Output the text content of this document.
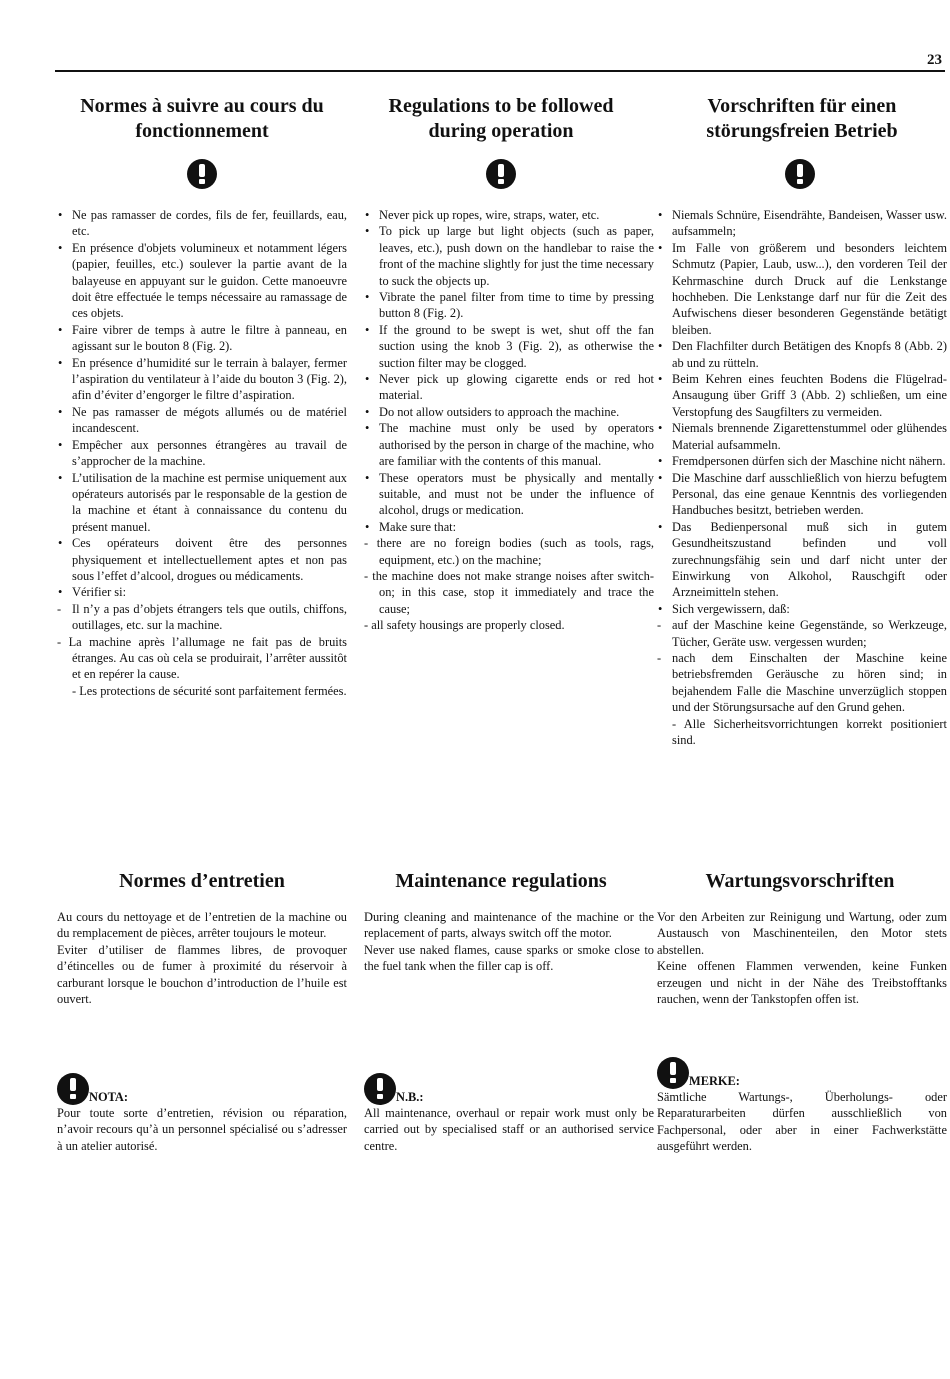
23
Normes à suivre au cours du
fonctionnement
Regulations to be followed
during operation
Vorschriften für einen
störungsfreien Betrieb
• Ne pas ramasser de cordes, fils de fer, feuillards, eau, etc.
• En présence d'objets volumineux et notamment légers (papier, feuilles, etc.) soulever la partie avant de la balayeuse en appuyant sur le guidon. Cette manoeuvre doit être effectuée le temps nécessaire au ramassage de ces objets.
• Faire vibrer de temps à autre le filtre à panneau, en agissant sur le bouton 8 (Fig. 2).
• En présence d’humidité sur le terrain à balayer, fermer l’aspiration du ventilateur à l’aide du bouton 3 (Fig. 2), afin d’éviter d’engorger le filtre d’aspiration.
• Ne pas ramasser de mégots allumés ou de matériel incandescent.
• Empêcher aux personnes étrangères au travail de s’approcher de la machine.
• L’utilisation de la machine est permise uniquement aux opérateurs autorisés par le responsable de la gestion de la machine et étant à connaissance du contenu du présent manuel.
• Ces opérateurs doivent être des personnes physiquement et intellectuellement aptes et non pas sous l’effet d’alcool, drogues ou médicaments.
• Vérifier si:
- Il n’y a pas d’objets étrangers tels que outils, chiffons, outillages, etc. sur la machine.
- La machine après l’allumage ne fait pas de bruits étranges. Au cas où cela se produirait, l’arrêter aussitôt et en repérer la cause.
- Les protections de sécurité sont parfaitement fermées.
• Never pick up ropes, wire, straps, water, etc.
• To pick up large but light objects (such as paper, leaves, etc.), push down on the handlebar to raise the front of the machine slightly for just the time necessary to suck the objects up.
• Vibrate the panel filter from time to time by pressing button 8 (Fig. 2).
• If the ground to be swept is wet, shut off the fan suction using the knob 3 (Fig. 2), as otherwise the suction filter may be clogged.
• Never pick up glowing cigarette ends or red hot material.
• Do not allow outsiders to approach the machine.
• The machine must only be used by operators authorised by the person in charge of the machine, who are familiar with the contents of this manual.
• These operators must be physically and mentally suitable, and must not be under the influence of alcohol, drugs or medication.
• Make sure that:
- there are no foreign bodies (such as tools, rags, equipment, etc.) on the machine;
- the machine does not make strange noises after switch-on; in this case, stop it immediately and trace the cause;
- all safety housings are properly closed.
• Niemals Schnüre, Eisendrähte, Bandeisen, Wasser usw. aufsammeln;
• Im Falle von größerem und besonders leichtem Schmutz (Papier, Laub, usw...), den vorderen Teil der Kehrmaschine durch Druck auf die Lenkstange hochheben. Die Lenkstange darf nur für die Zeit des Aufwischens dieser besonderen Gegenstände betätigt bleiben.
• Den Flachfilter durch Betätigen des Knopfs 8 (Abb. 2) ab und zu rütteln.
• Beim Kehren eines feuchten Bodens die Flügelrad-Ansaugung über Griff 3 (Abb. 2) schließen, um eine Verstopfung des Saugfilters zu vermeiden.
• Niemals brennende Zigarettenstummel oder glühendes Material aufsammeln.
• Fremdpersonen dürfen sich der Maschine nicht nähern.
• Die Maschine darf ausschließlich von hierzu befugtem Personal, das eine genaue Kenntnis des vorliegenden Handbuches besitzt, betrieben werden.
• Das Bedienpersonal muß sich in gutem Gesundheitszustand befinden und voll zurechnungsfähig sein und darf nicht unter der Einwirkung von Alkohol, Rauschgift oder Arzneimitteln stehen.
• Sich vergewissern, daß:
- auf der Maschine keine Gegenstände, so Werkzeuge, Tücher, Geräte usw. vergessen wurden;
- nach dem Einschalten der Maschine keine betriebsfremden Geräusche zu hören sind; in bejahendem Falle die Maschine unverzüglich stoppen und der Störungsursache auf den Grund gehen.
- Alle Sicherheitsvorrichtungen korrekt positioniert sind.
Normes d’entretien	Maintenance regulations	Wartungsvorschriften

Au cours du nettoyage et de l’entretien de la machine ou du remplacement de pièces, arrêter toujours le moteur.

Eviter d’utiliser de flammes libres, de provoquer d’étincelles ou de fumer à proximité du réservoir à carburant lorsque le bouchon d’introduction de l’huile est ouvert.

During cleaning and maintenance of the machine or the replacement of parts, always switch off the motor.

Never use naked flames, cause sparks or smoke close to the fuel tank when the filler cap is off.

Vor den Arbeiten zur Reinigung und Wartung, oder zum Austausch von Maschinenteilen, den Motor stets abstellen.

Keine offenen Flammen verwenden, keine Funken erzeugen und nicht in der Nähe des Treibstofftanks rauchen, wenn der Tankstopfen offen ist.

NOTA:

Pour toute sorte d’entretien, révision ou réparation, n’avoir recours qu’à un personnel spécialisé ou s’adresser à un atelier autorisé.

N.B.:

All maintenance, overhaul or repair work must only be carried out by specialised staff or an authorised service centre.

MERKE:

Sämtliche Wartungs-, Überholungs- oder Reparaturarbeiten dürfen ausschließlich von Fachpersonal, oder aber in einer Fachwerkstätte ausgeführt werden.
